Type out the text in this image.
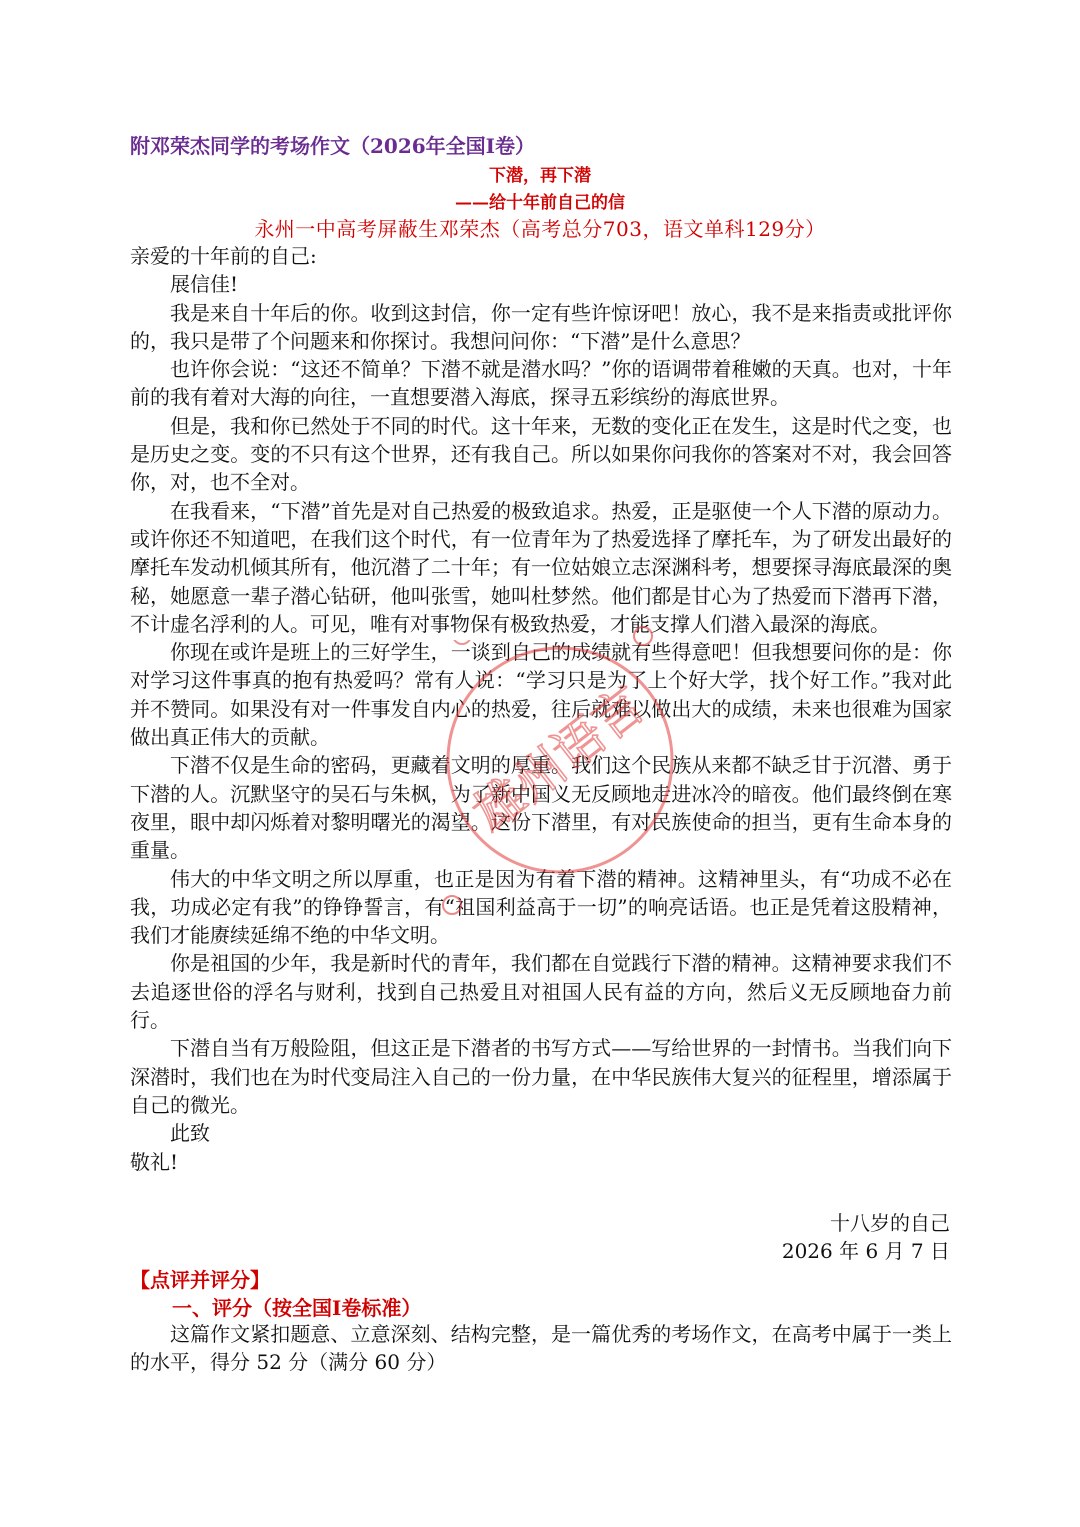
附邓荣杰同学的考场作文（2026年全国Ⅰ卷）
下潜，再下潜
——给十年前自己的信
永州一中高考屏蔽生邓荣杰（高考总分703，语文单科129分）

亲爱的十年前的自己:

展信佳!

我是来自十年后的你。收到这封信，你一定有些许惊讶吧！放心，我不是来指责或批评你的，我只是带了个问题来和你探讨。我想问问你：“下潜”是什么意思？

也许你会说：“这还不简单？下潜不就是潜水吗？”你的语调带着稚嫩的天真。也对，十年前的我有着对大海的向往，一直想要潜入海底，探寻五彩缤纷的海底世界。

但是，我和你已然处于不同的时代。这十年来，无数的变化正在发生，这是时代之变，也是历史之变。变的不只有这个世界，还有我自己。所以如果你问我你的答案对不对，我会回答你，对，也不全对。

在我看来，“下潜”首先是对自己热爱的极致追求。热爱，正是驱使一个人下潜的原动力。或许你还不知道吧，在我们这个时代，有一位青年为了热爱选择了摩托车，为了研发出最好的摩托车发动机倾其所有，他沉潜了二十年；有一位姑娘立志深渊科考，想要探寻海底最深的奥秘，她愿意一辈子潜心钻研，他叫张雪，她叫杜梦然。他们都是甘心为了热爱而下潜再下潜，不计虚名浮利的人。可见，唯有对事物保有极致热爱，才能支撑人们潜入最深的海底。

你现在或许是班上的三好学生，一谈到自己的成绩就有些得意吧！但我想要问你的是：你对学习这件事真的抱有热爱吗？常有人说：“学习只是为了上个好大学，找个好工作。”我对此并不赞同。如果没有对一件事发自内心的热爱，往后就难以做出大的成绩，未来也很难为国家做出真正伟大的贡献。

下潜不仅是生命的密码，更藏着文明的厚重。我们这个民族从来都不缺乏甘于沉潜、勇于下潜的人。沉默坚守的吴石与朱枫，为了新中国义无反顾地走进冰冷的暗夜。他们最终倒在寒夜里，眼中却闪烁着对黎明曙光的渴望。这份下潜里，有对民族使命的担当，更有生命本身的重量。

伟大的中华文明之所以厚重，也正是因为有着下潜的精神。这精神里头，有“功成不必在我，功成必定有我”的铮铮誓言，有“祖国利益高于一切”的响亮话语。也正是凭着这股精神，我们才能赓续延绵不绝的中华文明。

你是祖国的少年，我是新时代的青年，我们都在自觉践行下潜的精神。这精神要求我们不去追逐世俗的浮名与财利，找到自己热爱且对祖国人民有益的方向，然后义无反顾地奋力前行。

下潜自当有万般险阻，但这正是下潜者的书写方式——写给世界的一封情书。当我们向下深潜时，我们也在为时代变局注入自己的一份力量，在中华民族伟大复兴的征程里，增添属于自己的微光。

此致

敬礼!

十八岁的自己
2026 年 6 月 7 日
【点评并评分】
一、评分（按全国Ⅰ卷标准）

这篇作文紧扣题意、立意深刻、结构完整，是一篇优秀的考场作文，在高考中属于一类上的水平，得分 52 分（满分 60 分）

雄州语言
